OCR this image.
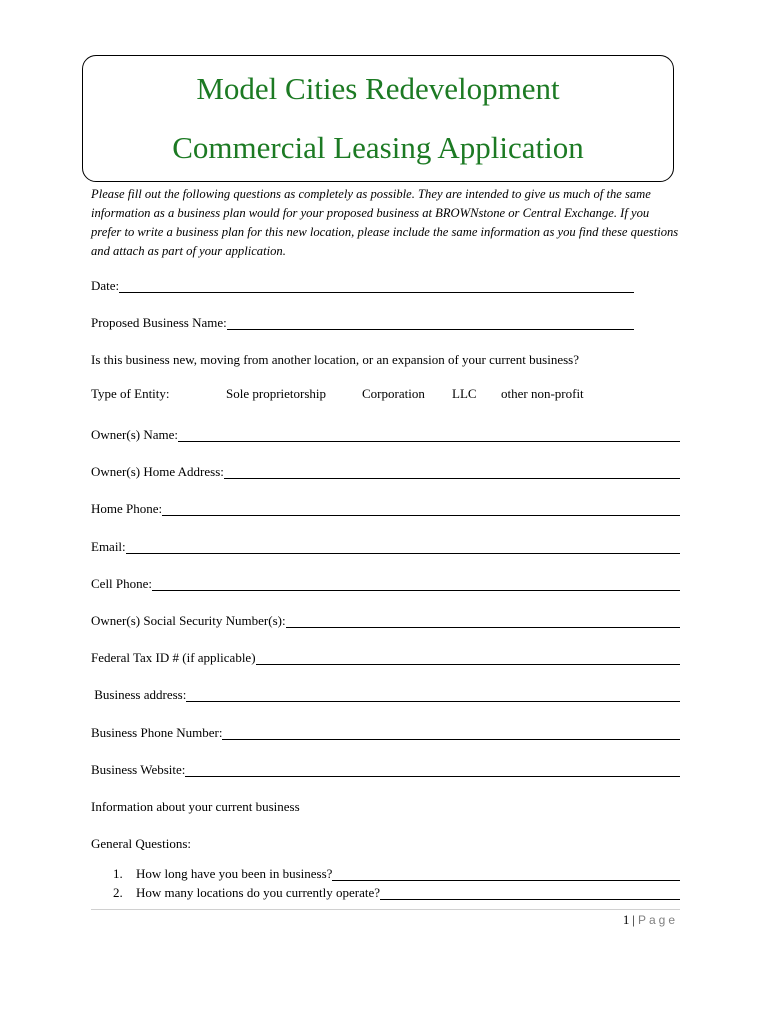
Model Cities Redevelopment
Commercial Leasing Application

Please fill out the following questions as completely as possible. They are intended to give us much of the same

information as a business plan would for your proposed business at BROWNstone or Central Exchange. If you

prefer to write a business plan for this new location, please include the same information as you find these questions

and attach as part of your application.

Date:
Proposed Business Name:
Is this business new, moving from another location, or an expansion of your current business?
Type of Entity:	Sole proprietorship	Corporation LLC other non-profit
Owner(s) Name:
Owner(s) Home Address:
Home Phone:
Email:
Cell Phone:
Owner(s) Social Security Number(s):
Federal Tax ID # (if applicable)
Business address:
Business Phone Number:
Business Website:
Information about your current business
General Questions:
1.	How long have you been in business?
2.	How many locations do you currently operate?
1 | Page
